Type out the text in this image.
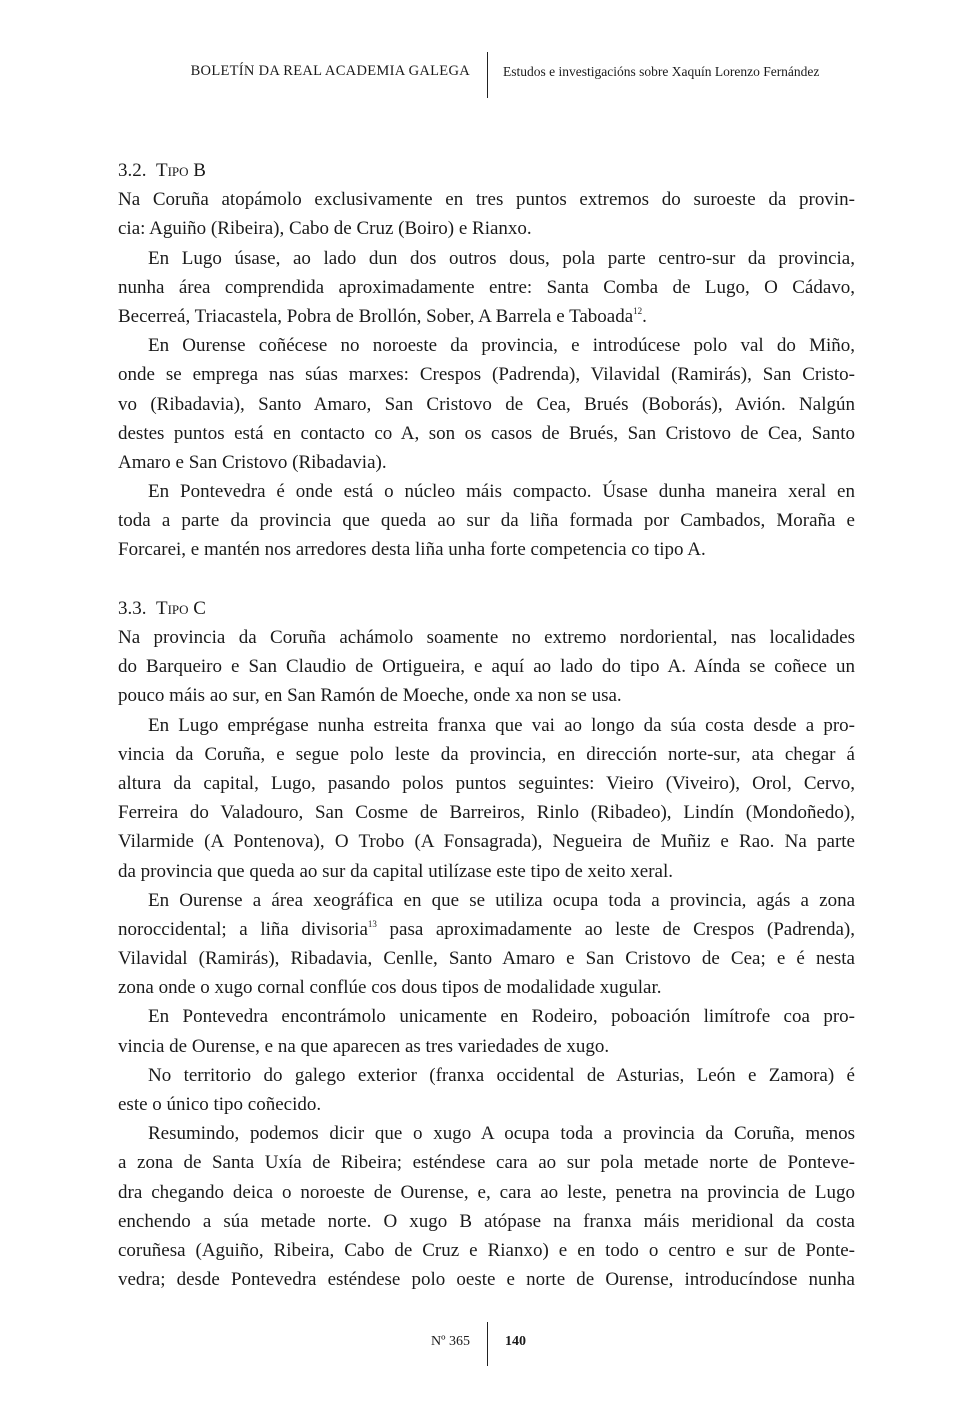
BOLETÍN DA REAL ACADEMIA GALEGA Estudos e investigacións sobre Xaquín Lorenzo Fernández
3.2. Tipo B
Na Coruña atopámolo exclusivamente en tres puntos extremos do suroeste da provin-
cia: Aguiño (Ribeira), Cabo de Cruz (Boiro) e Rianxo.
En Lugo úsase, ao lado dun dos outros dous, pola parte centro-sur da provincia,
nunha área comprendida aproximadamente entre: Santa Comba de Lugo, O Cádavo,
Becerreá, Triacastela, Pobra de Brollón, Sober, A Barrela e Taboada$^{12}$.
En Ourense coñécese no noroeste da provincia, e introdúcese polo val do Miño,
onde se emprega nas súas marxes: Crespos (Padrenda), Vilavidal (Ramirás), San Cristo-
vo (Ribadavia), Santo Amaro, San Cristovo de Cea, Brués (Boborás), Avión. Nalgún
destes puntos está en contacto co A, son os casos de Brués, San Cristovo de Cea, Santo
Amaro e San Cristovo (Ribadavia).
En Pontevedra é onde está o núcleo máis compacto. Úsase dunha maneira xeral en
toda a parte da provincia que queda ao sur da liña formada por Cambados, Moraña e
Forcarei, e mantén nos arredores desta liña unha forte competencia co tipo A.
3.3. Tipo C
Na provincia da Coruña achámolo soamente no extremo nordoriental, nas localidades
do Barqueiro e San Claudio de Ortigueira, e aquí ao lado do tipo A. Aínda se coñece un
pouco máis ao sur, en San Ramón de Moeche, onde xa non se usa.
En Lugo emprégase nunha estreita franxa que vai ao longo da súa costa desde a pro-
vincia da Coruña, e segue polo leste da provincia, en dirección norte-sur, ata chegar á
altura da capital, Lugo, pasando polos puntos seguintes: Vieiro (Viveiro), Orol, Cervo,
Ferreira do Valadouro, San Cosme de Barreiros, Rinlo (Ribadeo), Lindín (Mondoñedo),
Vilarmide (A Pontenova), O Trobo (A Fonsagrada), Negueira de Muñiz e Rao. Na parte
da provincia que queda ao sur da capital utilízase este tipo de xeito xeral.
En Ourense a área xeográfica en que se utiliza ocupa toda a provincia, agás a zona
noroccidental; a liña divisoria$^{13}$ pasa aproximadamente ao leste de Crespos (Padrenda),
Vilavidal (Ramirás), Ribadavia, Cenlle, Santo Amaro e San Cristovo de Cea; e é nesta
zona onde o xugo cornal conflúe cos dous tipos de modalidade xugular.
En Pontevedra encontrámolo unicamente en Rodeiro, poboación limítrofe coa pro-
vincia de Ourense, e na que aparecen as tres variedades de xugo.
No territorio do galego exterior (franxa occidental de Asturias, León e Zamora) é
este o único tipo coñecido.
Resumindo, podemos dicir que o xugo A ocupa toda a provincia da Coruña, menos
a zona de Santa Uxía de Ribeira; esténdese cara ao sur pola metade norte de Ponteve-
dra chegando deica o noroeste de Ourense, e, cara ao leste, penetra na provincia de Lugo
enchendo a súa metade norte. O xugo B atópase na franxa máis meridional da costa
coruñesa (Aguiño, Ribeira, Cabo de Cruz e Rianxo) e en todo o centro e sur de Ponte-
vedra; desde Pontevedra esténdese polo oeste e norte de Ourense, introducíndose nunha
Nº 365	140
